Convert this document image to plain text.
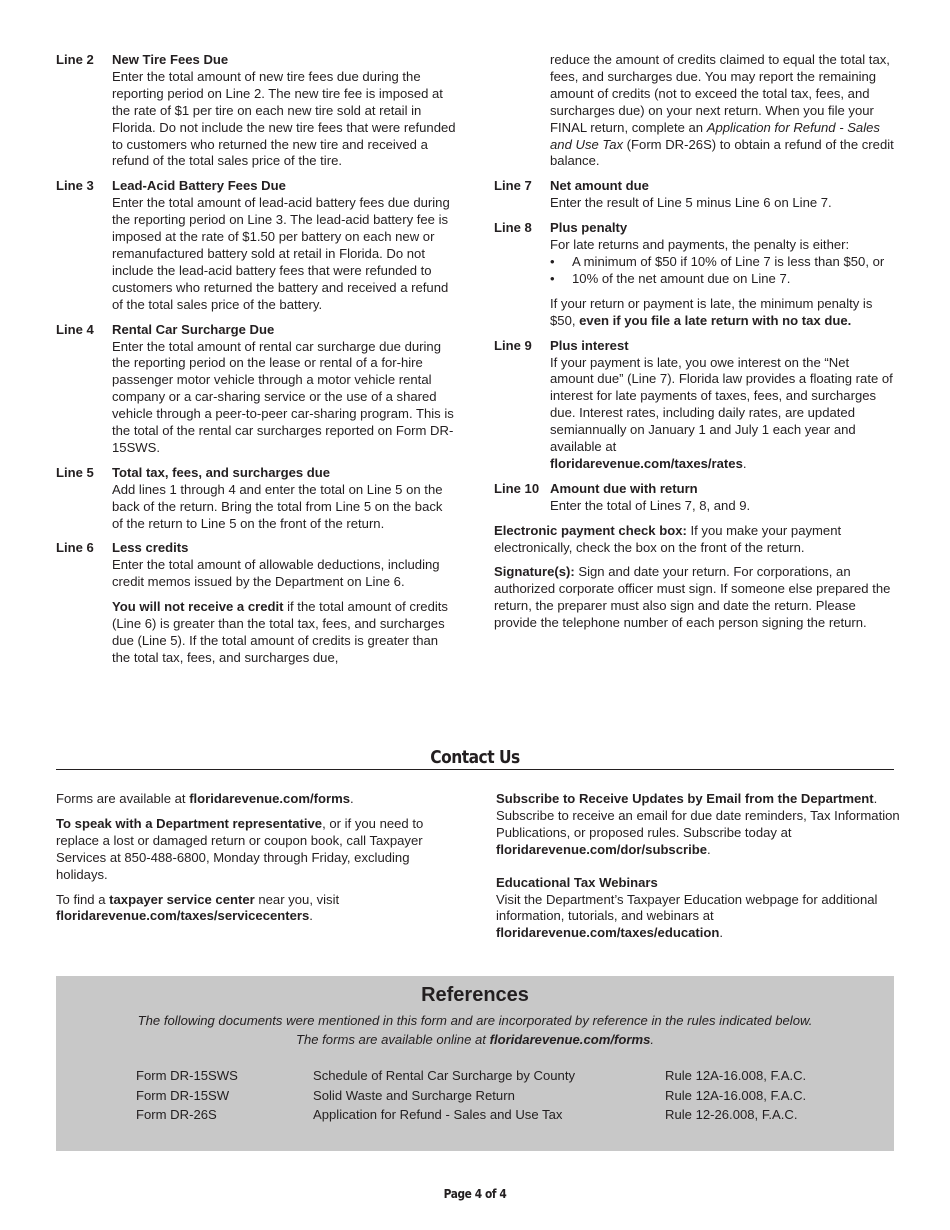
Line 2	New Tire Fees Due
Enter the total amount of new tire fees due during the reporting period on Line 2. The new tire fee is imposed at the rate of $1 per tire on each new tire sold at retail in Florida. Do not include the new tire fees that were refunded to customers who returned the new tire and received a refund of the total sales price of the tire.
Line 3	Lead-Acid Battery Fees Due
Enter the total amount of lead-acid battery fees due during the reporting period on Line 3. The lead-acid battery fee is imposed at the rate of $1.50 per battery on each new or remanufactured battery sold at retail in Florida. Do not include the lead-acid battery fees that were refunded to customers who returned the battery and received a refund of the total sales price of the battery.
Line 4	Rental Car Surcharge Due
Enter the total amount of rental car surcharge due during the reporting period on the lease or rental of a for-hire passenger motor vehicle through a motor vehicle rental company or a car-sharing service or the use of a shared vehicle through a peer-to-peer car-sharing program. This is the total of the rental car surcharges reported on Form DR-15SWS.
Line 5	Total tax, fees, and surcharges due
Add lines 1 through 4 and enter the total on Line 5 on the back of the return. Bring the total from Line 5 on the back of the return to Line 5 on the front of the return.
Line 6	Less credits
Enter the total amount of allowable deductions, including credit memos issued by the Department on Line 6.
You will not receive a credit if the total amount of credits (Line 6) is greater than the total tax, fees, and surcharges due (Line 5). If the total amount of credits is greater than the total tax, fees, and surcharges due,
reduce the amount of credits claimed to equal the total tax, fees, and surcharges due. You may report the remaining amount of credits (not to exceed the total tax, fees, and surcharges due) on your next return. When you file your FINAL return, complete an Application for Refund - Sales and Use Tax (Form DR-26S) to obtain a refund of the credit balance.
Line 7	Net amount due
Enter the result of Line 5 minus Line 6 on Line 7.
Line 8	Plus penalty
For late returns and payments, the penalty is either:
• A minimum of $50 if 10% of Line 7 is less than $50, or
• 10% of the net amount due on Line 7.
If your return or payment is late, the minimum penalty is $50, even if you file a late return with no tax due.
Line 9	Plus interest
If your payment is late, you owe interest on the “Net amount due” (Line 7). Florida law provides a floating rate of interest for late payments of taxes, fees, and surcharges due. Interest rates, including daily rates, are updated semiannually on January 1 and July 1 each year and available at
floridarevenue.com/taxes/rates.
Line 10 Amount due with return
Enter the total of Lines 7, 8, and 9.
Electronic payment check box: If you make your payment electronically, check the box on the front of the return.
Signature(s): Sign and date your return. For corporations, an authorized corporate officer must sign. If someone else prepared the return, the preparer must also sign and date the return. Please provide the telephone number of each person signing the return.
Contact Us
Forms are available at floridarevenue.com/forms.
To speak with a Department representative, or if you need to replace a lost or damaged return or coupon book, call Taxpayer Services at 850-488-6800, Monday through Friday, excluding holidays.
To find a taxpayer service center near you, visit
floridarevenue.com/taxes/servicecenters.
Subscribe to Receive Updates by Email from the Department.
Subscribe to receive an email for due date reminders, Tax Information Publications, or proposed rules. Subscribe today at
floridarevenue.com/dor/subscribe.
Educational Tax Webinars
Visit the Department’s Taxpayer Education webpage for additional information, tutorials, and webinars at
floridarevenue.com/taxes/education.
References
The following documents were mentioned in this form and are incorporated by reference in the rules indicated below.
The forms are available online at floridarevenue.com/forms.
Form DR-15SWS	Schedule of Rental Car Surcharge by County	Rule 12A-16.008, F.A.C.
Form DR-15SW	Solid Waste and Surcharge Return	Rule 12A-16.008, F.A.C.
Form DR-26S	Application for Refund - Sales and Use Tax	Rule 12-26.008, F.A.C.
Page 4 of 4
